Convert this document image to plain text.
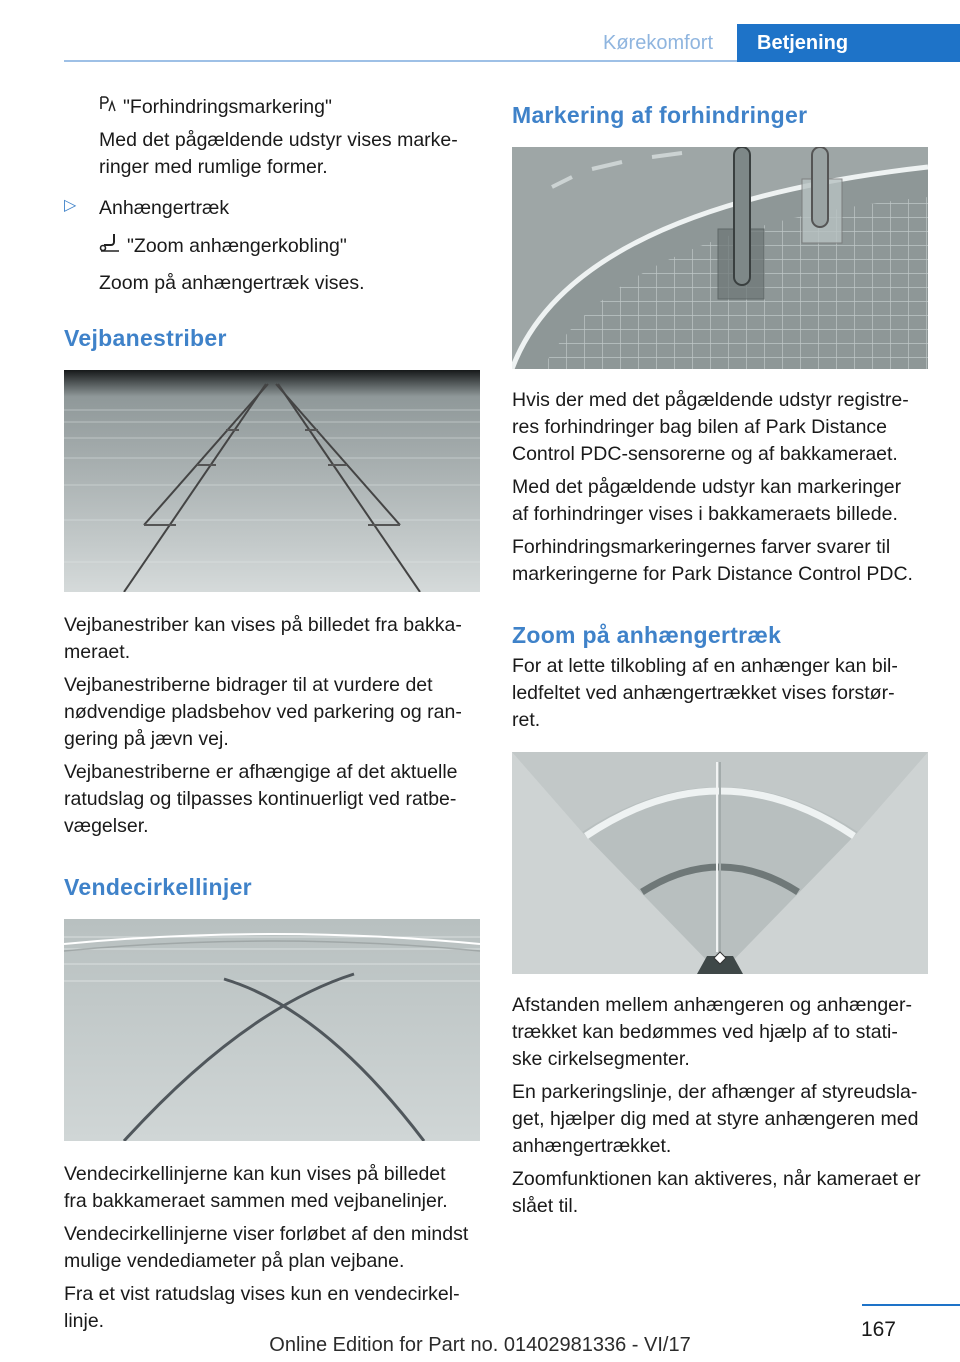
Kørekomfort	Betjening

"Forhindringsmarkering"

Med det pågældende udstyr vises marke-
ringer med rumlige former.

▷ Anhængertræk

"Zoom anhængerkobling"

Zoom på anhængertræk vises.

Vejbanestriber

Vejbanestriber kan vises på billedet fra bakka-
meraet.

Vejbanestriberne bidrager til at vurdere det
nødvendige pladsbehov ved parkering og ran-
gering på jævn vej.

Vejbanestriberne er afhængige af det aktuelle
ratudslag og tilpasses kontinuerligt ved ratbe-
vægelser.

Vendecirkellinjer

Vendecirkellinjerne kan kun vises på billedet
fra bakkameraet sammen med vejbanelinjer.

Vendecirkellinjerne viser forløbet af den mindst
mulige vendediameter på plan vejbane.

Fra et vist ratudslag vises kun en vendecirkel-
linje.

Markering af forhindringer

Hvis der med det pågældende udstyr registre-
res forhindringer bag bilen af Park Distance
Control PDC-sensorerne og af bakkameraet.

Med det pågældende udstyr kan markeringer
af forhindringer vises i bakkameraets billede.

Forhindringsmarkeringernes farver svarer til
markeringerne for Park Distance Control PDC.

Zoom på anhængertræk

For at lette tilkobling af en anhænger kan bil-
ledfeltet ved anhængertrækket vises forstør-
ret.

Afstanden mellem anhængeren og anhænger-
trækket kan bedømmes ved hjælp af to stati-
ske cirkelsegmenter.

En parkeringslinje, der afhænger af styreudsla-
get, hjælper dig med at styre anhængeren med
anhængertrækket.

Zoomfunktionen kan aktiveres, når kameraet er
slået til.

167
Online Edition for Part no. 01402981336 - VI/17
